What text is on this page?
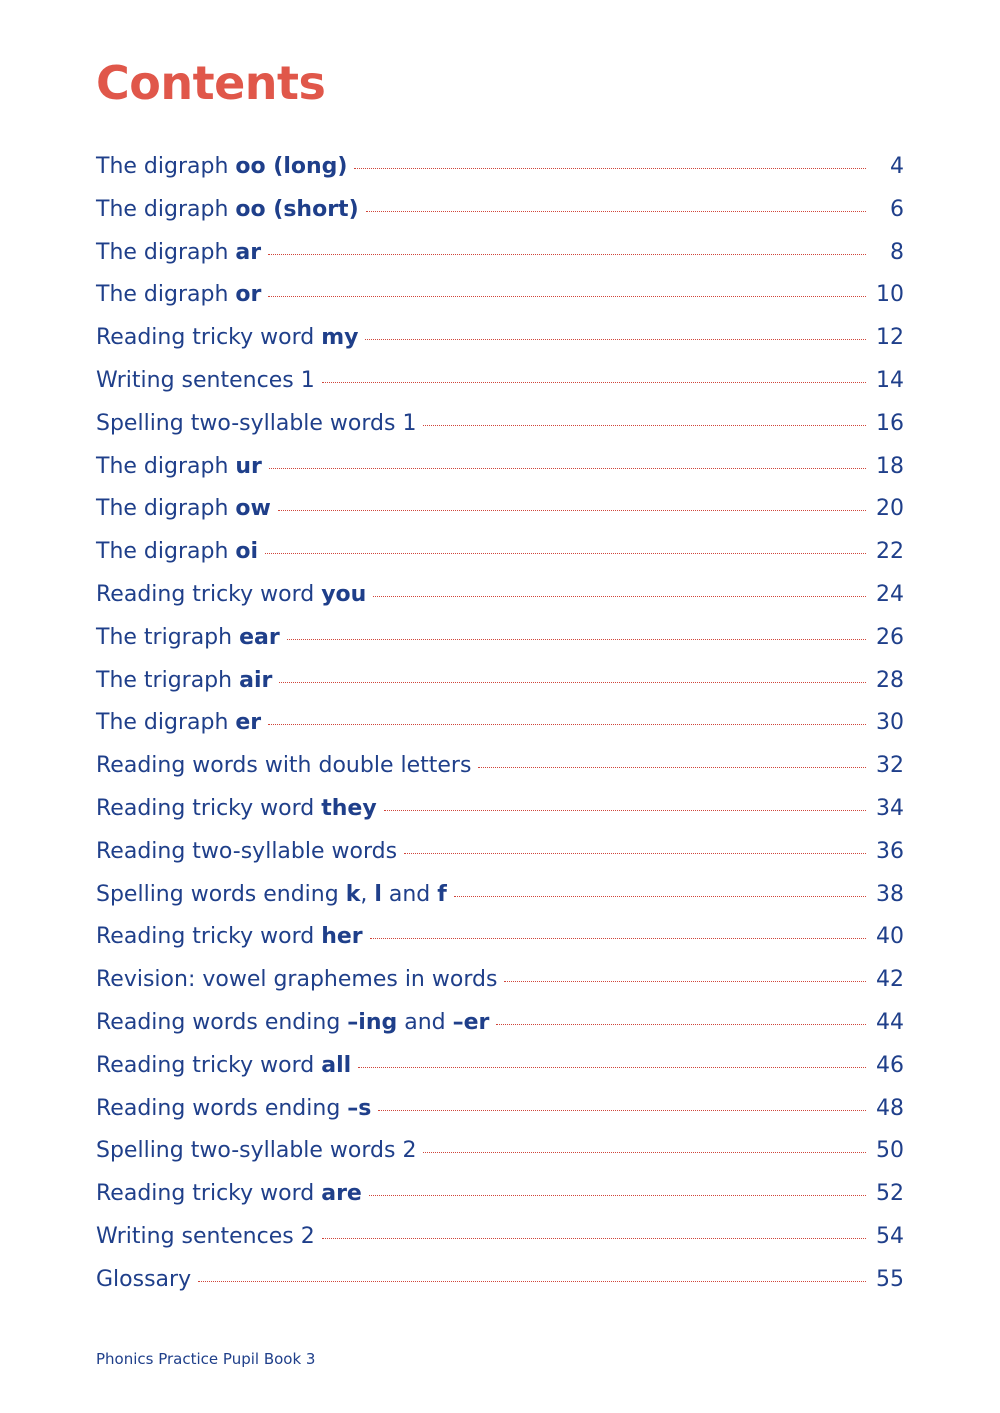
Contents
The digraph oo (long)	4
The digraph oo (short)	6
The digraph ar	8
The digraph or	10
Reading tricky word my	12
Writing sentences 1	14
Spelling two-syllable words 1	16
The digraph ur	18
The digraph ow	20
The digraph oi	22
Reading tricky word you	24
The trigraph ear	26
The trigraph air	28
The digraph er	30
Reading words with double letters	32
Reading tricky word they	34
Reading two-syllable words	36
Spelling words ending k, l and f	38
Reading tricky word her	40
Revision: vowel graphemes in words	42
Reading words ending –ing and –er	44
Reading tricky word all	46
Reading words ending –s	48
Spelling two-syllable words 2	50
Reading tricky word are	52
Writing sentences 2	54
Glossary	55

Phonics Practice Pupil Book 3
